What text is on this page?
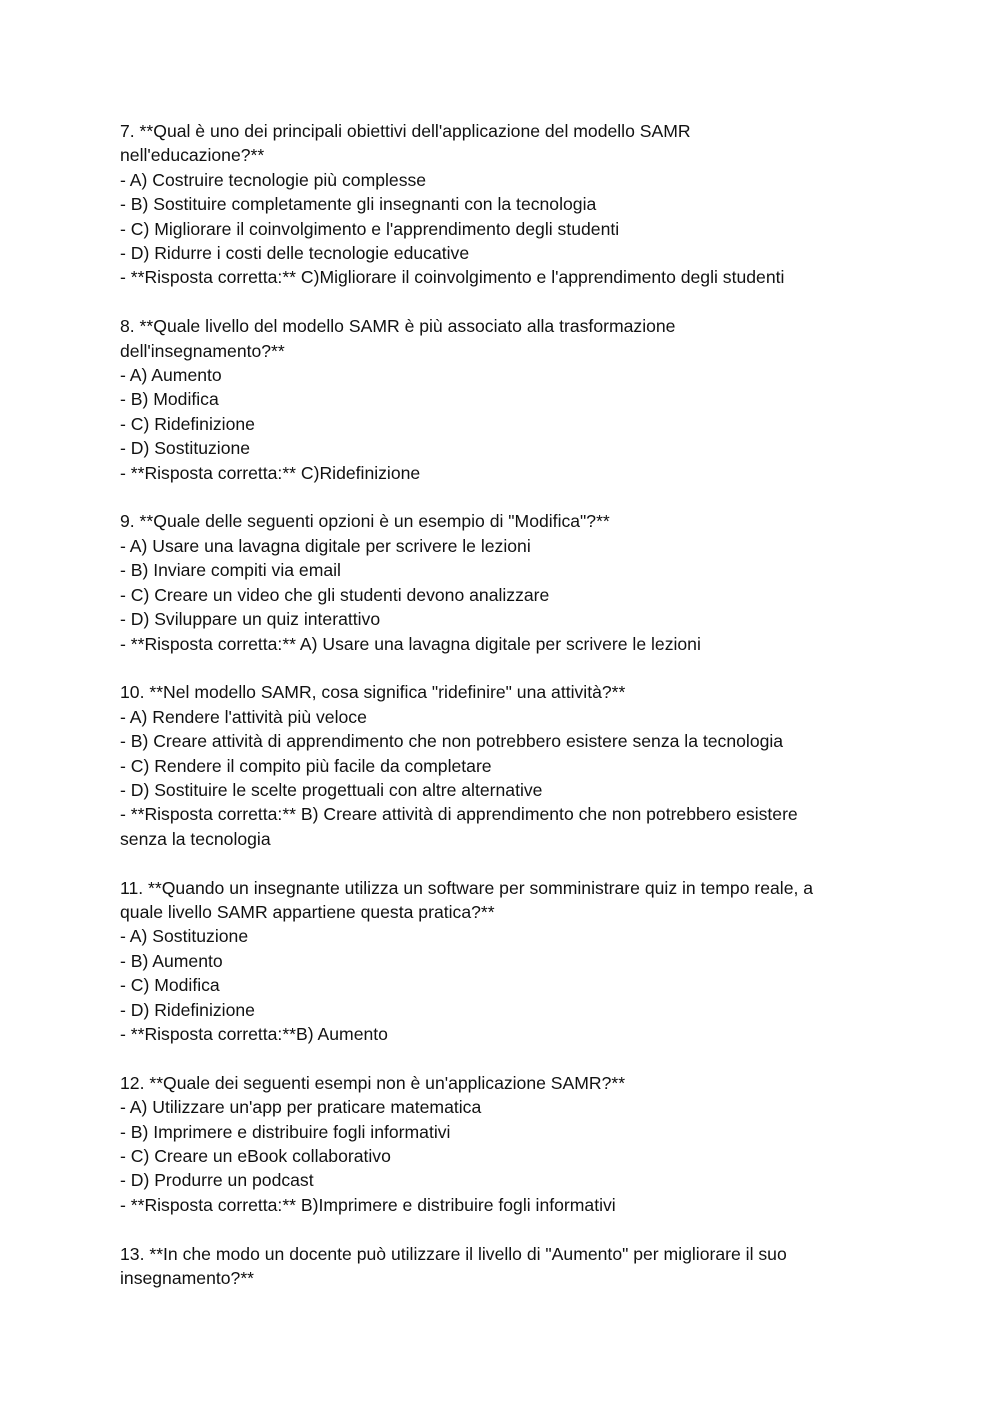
7. **Qual è uno dei principali obiettivi dell'applicazione del modello SAMR
nell'educazione?**
- A) Costruire tecnologie più complesse
- B) Sostituire completamente gli insegnanti con la tecnologia
- C) Migliorare il coinvolgimento e l'apprendimento degli studenti
- D) Ridurre i costi delle tecnologie educative
- **Risposta corretta:** C)Migliorare il coinvolgimento e l'apprendimento degli studenti
8. **Quale livello del modello SAMR è più associato alla trasformazione
dell'insegnamento?**
- A) Aumento
- B) Modifica
- C) Ridefinizione
- D) Sostituzione
- **Risposta corretta:** C)Ridefinizione
9. **Quale delle seguenti opzioni è un esempio di "Modifica"?**
- A) Usare una lavagna digitale per scrivere le lezioni
- B) Inviare compiti via email
- C) Creare un video che gli studenti devono analizzare
- D) Sviluppare un quiz interattivo
- **Risposta corretta:** A) Usare una lavagna digitale per scrivere le lezioni
10. **Nel modello SAMR, cosa significa "ridefinire" una attività?**
- A) Rendere l'attività più veloce
- B) Creare attività di apprendimento che non potrebbero esistere senza la tecnologia
- C) Rendere il compito più facile da completare
- D) Sostituire le scelte progettuali con altre alternative
- **Risposta corretta:** B) Creare attività di apprendimento che non potrebbero esistere
senza la tecnologia
11. **Quando un insegnante utilizza un software per somministrare quiz in tempo reale, a
quale livello SAMR appartiene questa pratica?**
- A) Sostituzione
- B) Aumento
- C) Modifica
- D) Ridefinizione
- **Risposta corretta:**B) Aumento
12. **Quale dei seguenti esempi non è un'applicazione SAMR?**
- A) Utilizzare un'app per praticare matematica
- B) Imprimere e distribuire fogli informativi
- C) Creare un eBook collaborativo
- D) Produrre un podcast
- **Risposta corretta:** B)Imprimere e distribuire fogli informativi
13. **In che modo un docente può utilizzare il livello di "Aumento" per migliorare il suo
insegnamento?**
